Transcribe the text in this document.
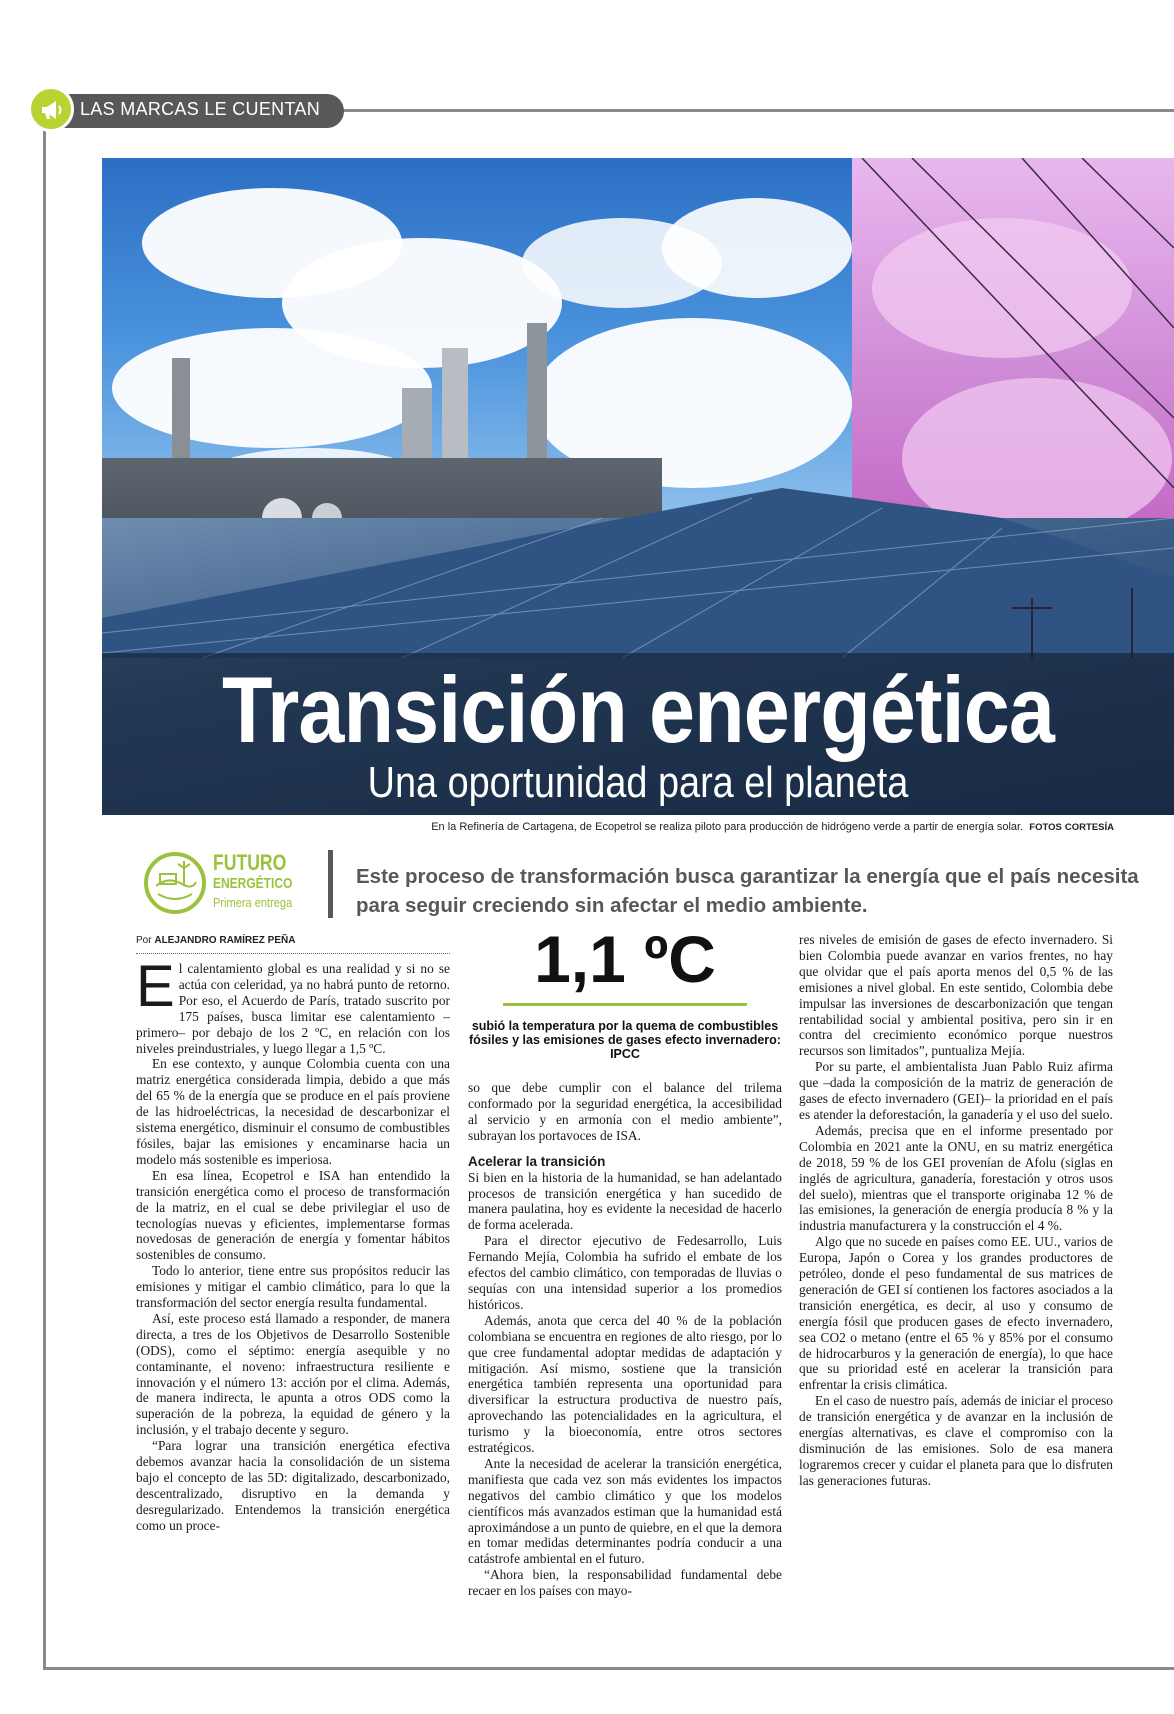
LAS MARCAS LE CUENTAN
Transición energética
Una oportunidad para el planeta
En la Refinería de Cartagena, de Ecopetrol se realiza piloto para producción de hidrógeno verde a partir de energía solar. FOTOS CORTESÍA
FUTURO
ENERGÉTICO
Primera entrega
Este proceso de transformación busca garantizar la energía que el país necesita para seguir creciendo sin afectar el medio ambiente.
Por ALEJANDRO RAMÍREZ PEÑA

El calentamiento global es una realidad y si no se actúa con celeridad, ya no habrá punto de retorno. Por eso, el Acuerdo de París, tratado suscrito por 175 países, busca limitar ese calentamiento –primero– por debajo de los 2 ºC, en relación con los niveles preindustriales, y luego llegar a 1,5 ºC.

En ese contexto, y aunque Colombia cuenta con una matriz energética considerada limpia, debido a que más del 65 % de la energía que se produce en el país proviene de las hidroeléctricas, la necesidad de descarbonizar el sistema energético, disminuir el consumo de combustibles fósiles, bajar las emisiones y encaminarse hacia un modelo más sostenible es imperiosa.

En esa línea, Ecopetrol e ISA han entendido la transición energética como el proceso de transformación de la matriz, en el cual se debe privilegiar el uso de tecnologías nuevas y eficientes, implementarse formas novedosas de generación de energía y fomentar hábitos sostenibles de consumo.

Todo lo anterior, tiene entre sus propósitos reducir las emisiones y mitigar el cambio climático, para lo que la transformación del sector energía resulta fundamental.

Así, este proceso está llamado a responder, de manera directa, a tres de los Objetivos de Desarrollo Sostenible (ODS), como el séptimo: energía asequible y no contaminante, el noveno: infraestructura resiliente e innovación y el número 13: acción por el clima. Además, de manera indirecta, le apunta a otros ODS como la superación de la pobreza, la equidad de género y la inclusión, y el trabajo decente y seguro.

“Para lograr una transición energética efectiva debemos avanzar hacia la consolidación de un sistema bajo el concepto de las 5D: digitalizado, descarbonizado, descentralizado, disruptivo en la demanda y desregularizado. Entendemos la transición energética como un proce-

1,1 ºC
subió la temperatura por la quema de combustibles fósiles y las emisiones de gases efecto invernadero: IPCC

so que debe cumplir con el balance del trilema conformado por la seguridad energética, la accesibilidad al servicio y en armonía con el medio ambiente”, subrayan los portavoces de ISA.

Acelerar la transición

Si bien en la historia de la humanidad, se han adelantado procesos de transición energética y han sucedido de manera paulatina, hoy es evidente la necesidad de hacerlo de forma acelerada.

Para el director ejecutivo de Fedesarrollo, Luis Fernando Mejía, Colombia ha sufrido el embate de los efectos del cambio climático, con temporadas de lluvias o sequías con una intensidad superior a los promedios históricos.

Además, anota que cerca del 40 % de la población colombiana se encuentra en regiones de alto riesgo, por lo que cree fundamental adoptar medidas de adaptación y mitigación. Así mismo, sostiene que la transición energética también representa una oportunidad para diversificar la estructura productiva de nuestro país, aprovechando las potencialidades en la agricultura, el turismo y la bioeconomía, entre otros sectores estratégicos.

Ante la necesidad de acelerar la transición energética, manifiesta que cada vez son más evidentes los impactos negativos del cambio climático y que los modelos científicos más avanzados estiman que la humanidad está aproximándose a un punto de quiebre, en el que la demora en tomar medidas determinantes podría conducir a una catástrofe ambiental en el futuro.

“Ahora bien, la responsabilidad fundamental debe recaer en los países con mayo-

res niveles de emisión de gases de efecto invernadero. Si bien Colombia puede avanzar en varios frentes, no hay que olvidar que el país aporta menos del 0,5 % de las emisiones a nivel global. En este sentido, Colombia debe impulsar las inversiones de descarbonización que tengan rentabilidad social y ambiental positiva, pero sin ir en contra del crecimiento económico porque nuestros recursos son limitados”, puntualiza Mejía.

Por su parte, el ambientalista Juan Pablo Ruiz afirma que –dada la composición de la matriz de generación de gases de efecto invernadero (GEI)– la prioridad en el país es atender la deforestación, la ganadería y el uso del suelo.

Además, precisa que en el informe presentado por Colombia en 2021 ante la ONU, en su matriz energética de 2018, 59 % de los GEI provenían de Afolu (siglas en inglés de agricultura, ganadería, forestación y otros usos del suelo), mientras que el transporte originaba 12 % de las emisiones, la generación de energía producía 8 % y la industria manufacturera y la construcción el 4 %.

Algo que no sucede en países como EE. UU., varios de Europa, Japón o Corea y los grandes productores de petróleo, donde el peso fundamental de sus matrices de generación de GEI sí contienen los factores asociados a la transición energética, es decir, al uso y consumo de energía fósil que producen gases de efecto invernadero, sea CO2 o metano (entre el 65 % y 85% por el consumo de hidrocarburos y la generación de energía), lo que hace que su prioridad esté en acelerar la transición para enfrentar la crisis climática.

En el caso de nuestro país, además de iniciar el proceso de transición energética y de avanzar en la inclusión de energías alternativas, es clave el compromiso con la disminución de las emisiones. Solo de esa manera lograremos crecer y cuidar el planeta para que lo disfruten las generaciones futuras.
